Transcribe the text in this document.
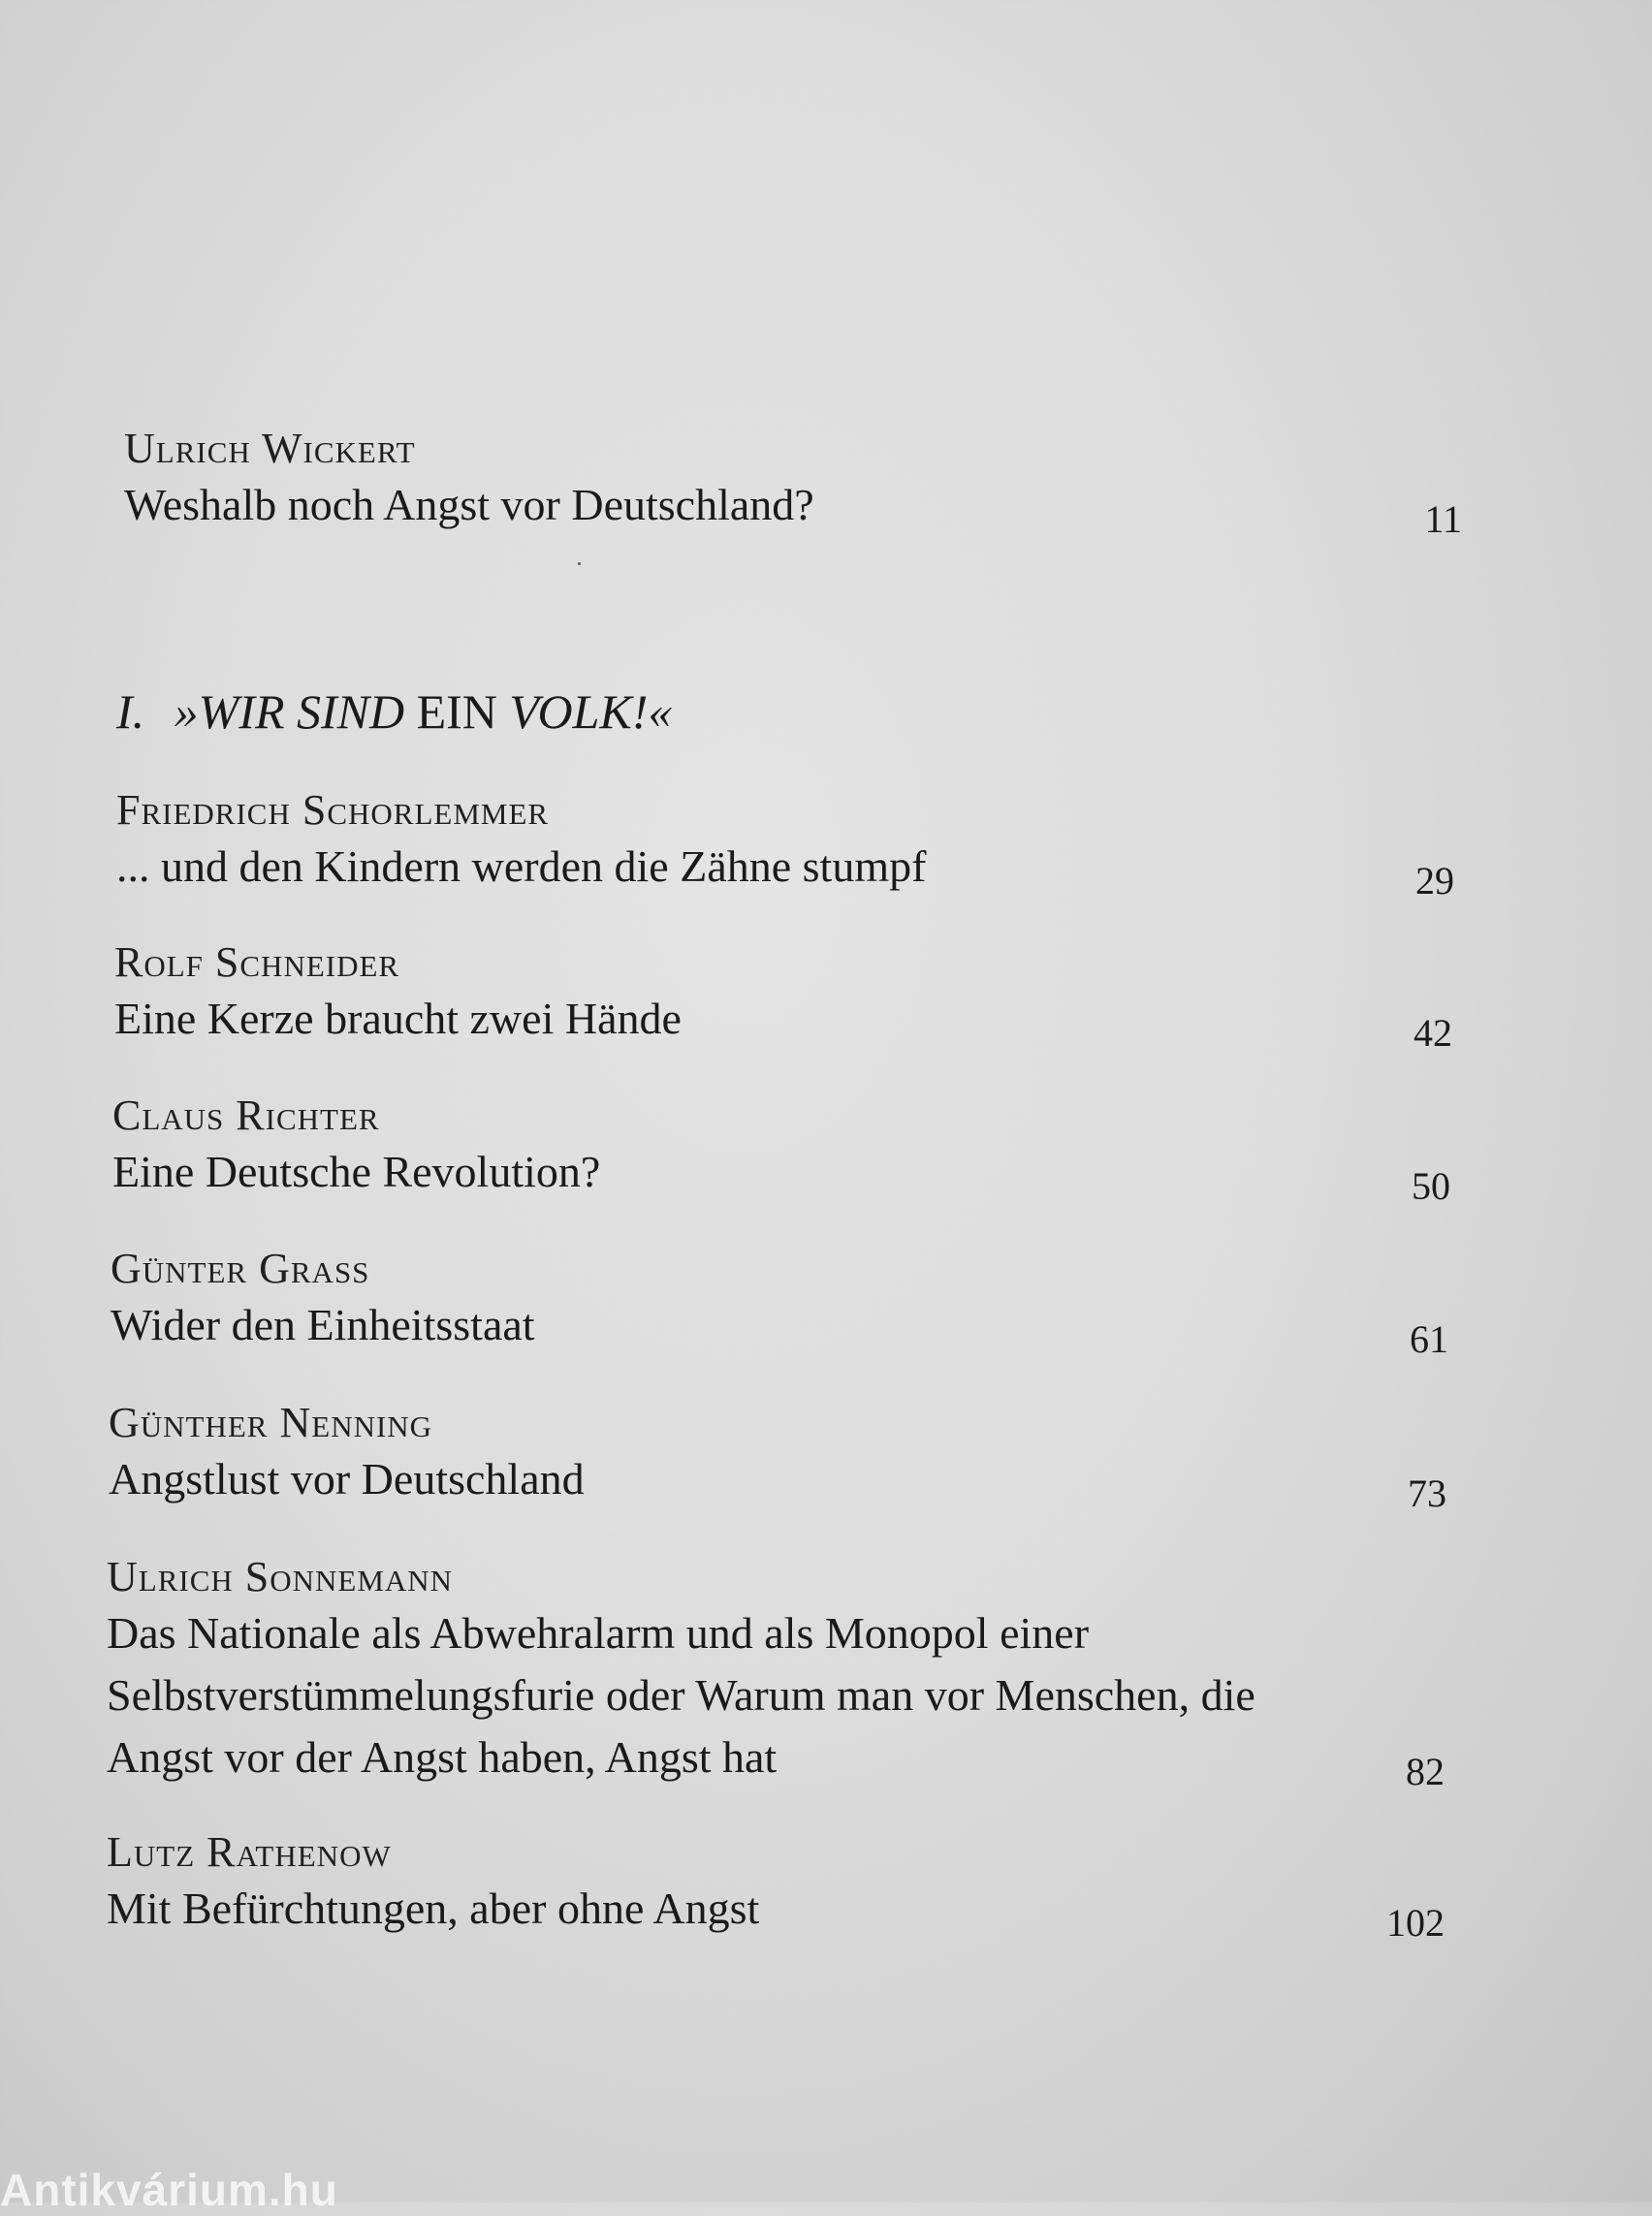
Ulrich Wickert
Weshalb noch Angst vor Deutschland?	11
I. »WIR SIND EIN VOLK!«
Friedrich Schorlemmer
... und den Kindern werden die Zähne stumpf	29
Rolf Schneider
Eine Kerze braucht zwei Hände	42
Claus Richter
Eine Deutsche Revolution?	50
Günter Grass
Wider den Einheitsstaat	61
Günther Nenning
Angstlust vor Deutschland	73
Ulrich Sonnemann
Das Nationale als Abwehralarm und als Monopol einer Selbstverstümmelungsfurie oder Warum man vor Menschen, die Angst vor der Angst haben, Angst hat	82
Lutz Rathenow
Mit Befürchtungen, aber ohne Angst	102
Antikvárium.hu
